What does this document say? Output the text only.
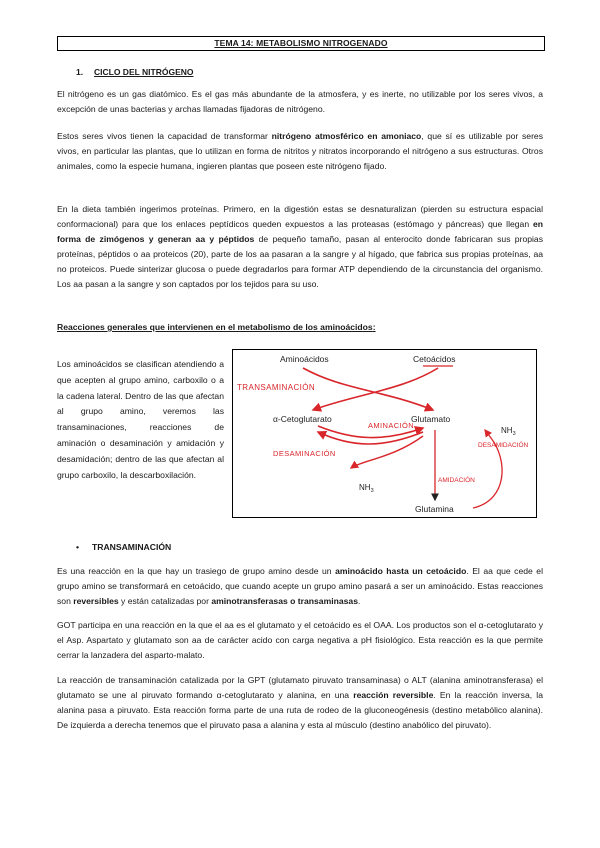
TEMA 14: METABOLISMO NITROGENADO
1. CICLO DEL NITRÓGENO

El nitrógeno es un gas diatómico. Es el gas más abundante de la atmosfera, y es inerte, no utilizable por los seres vivos, a excepción de unas bacterias y archas llamadas fijadoras de nitrógeno.

Estos seres vivos tienen la capacidad de transformar nitrógeno atmosférico en amoniaco, que sí es utilizable por seres vivos, en particular las plantas, que lo utilizan en forma de nitritos y nitratos incorporando el nitrógeno a sus estructuras. Otros animales, como la especie humana, ingieren plantas que poseen este nitrógeno fijado.

En la dieta también ingerimos proteínas. Primero, en la digestión estas se desnaturalizan (pierden su estructura espacial conformacional) para que los enlaces peptídicos queden expuestos a las proteasas (estómago y páncreas) que llegan en forma de zimógenos y generan aa y péptidos de pequeño tamaño, pasan al enterocito donde fabricaran sus propias proteínas, péptidos o aa proteicos (20), parte de los aa pasaran a la sangre y al hígado, que fabrica sus propias proteínas, aa no proteicos. Puede sinterizar glucosa o puede degradarlos para formar ATP dependiendo de la circunstancia del organismo. Los aa pasan a la sangre y son captados por los tejidos para su uso.

Reacciones generales que intervienen en el metabolismo de los aminoácidos:

Los aminoácidos se clasifican atendiendo a que acepten al grupo amino, carboxilo o a la cadena lateral. Dentro de las que afectan al grupo amino, veremos las transaminaciones, reacciones de aminación o desaminación y amidación y desamidación; dentro de las que afectan al grupo carboxilo, la descarboxilación.

Aminoácidos	Cetoácidos
TRANSAMINACIÓN
α-Cetoglutarato	Glutamato
AMINACIÓN
DESAMINACIÓN
$NH_3$
AMIDACIÓN
Glutamina
$NH_3$
DESAMIDACIÓN
• TRANSAMINACIÓN

Es una reacción en la que hay un trasiego de grupo amino desde un aminoácido hasta un cetoácido. El aa que cede el grupo amino se transformará en cetoácido, que cuando acepte un grupo amino pasará a ser un aminoácido. Estas reacciones son reversibles y están catalizadas por aminotransferasas o transaminasas.

GOT participa en una reacción en la que el aa es el glutamato y el cetoácido es el OAA. Los productos son el α-cetoglutarato y el Asp. Aspartato y glutamato son aa de carácter acido con carga negativa a pH fisiológico. Esta reacción es la que permite cerrar la lanzadera del asparto-malato.

La reacción de transaminación catalizada por la GPT (glutamato piruvato transaminasa) o ALT (alanina aminotransferasa) el glutamato se une al piruvato formando α-cetoglutarato y alanina, en una reacción reversible. En la reacción inversa, la alanina pasa a piruvato. Esta reacción forma parte de una ruta de rodeo de la gluconeogénesis (destino metabólico alanina). De izquierda a derecha tenemos que el piruvato pasa a alanina y esta al músculo (destino anabólico del piruvato).
